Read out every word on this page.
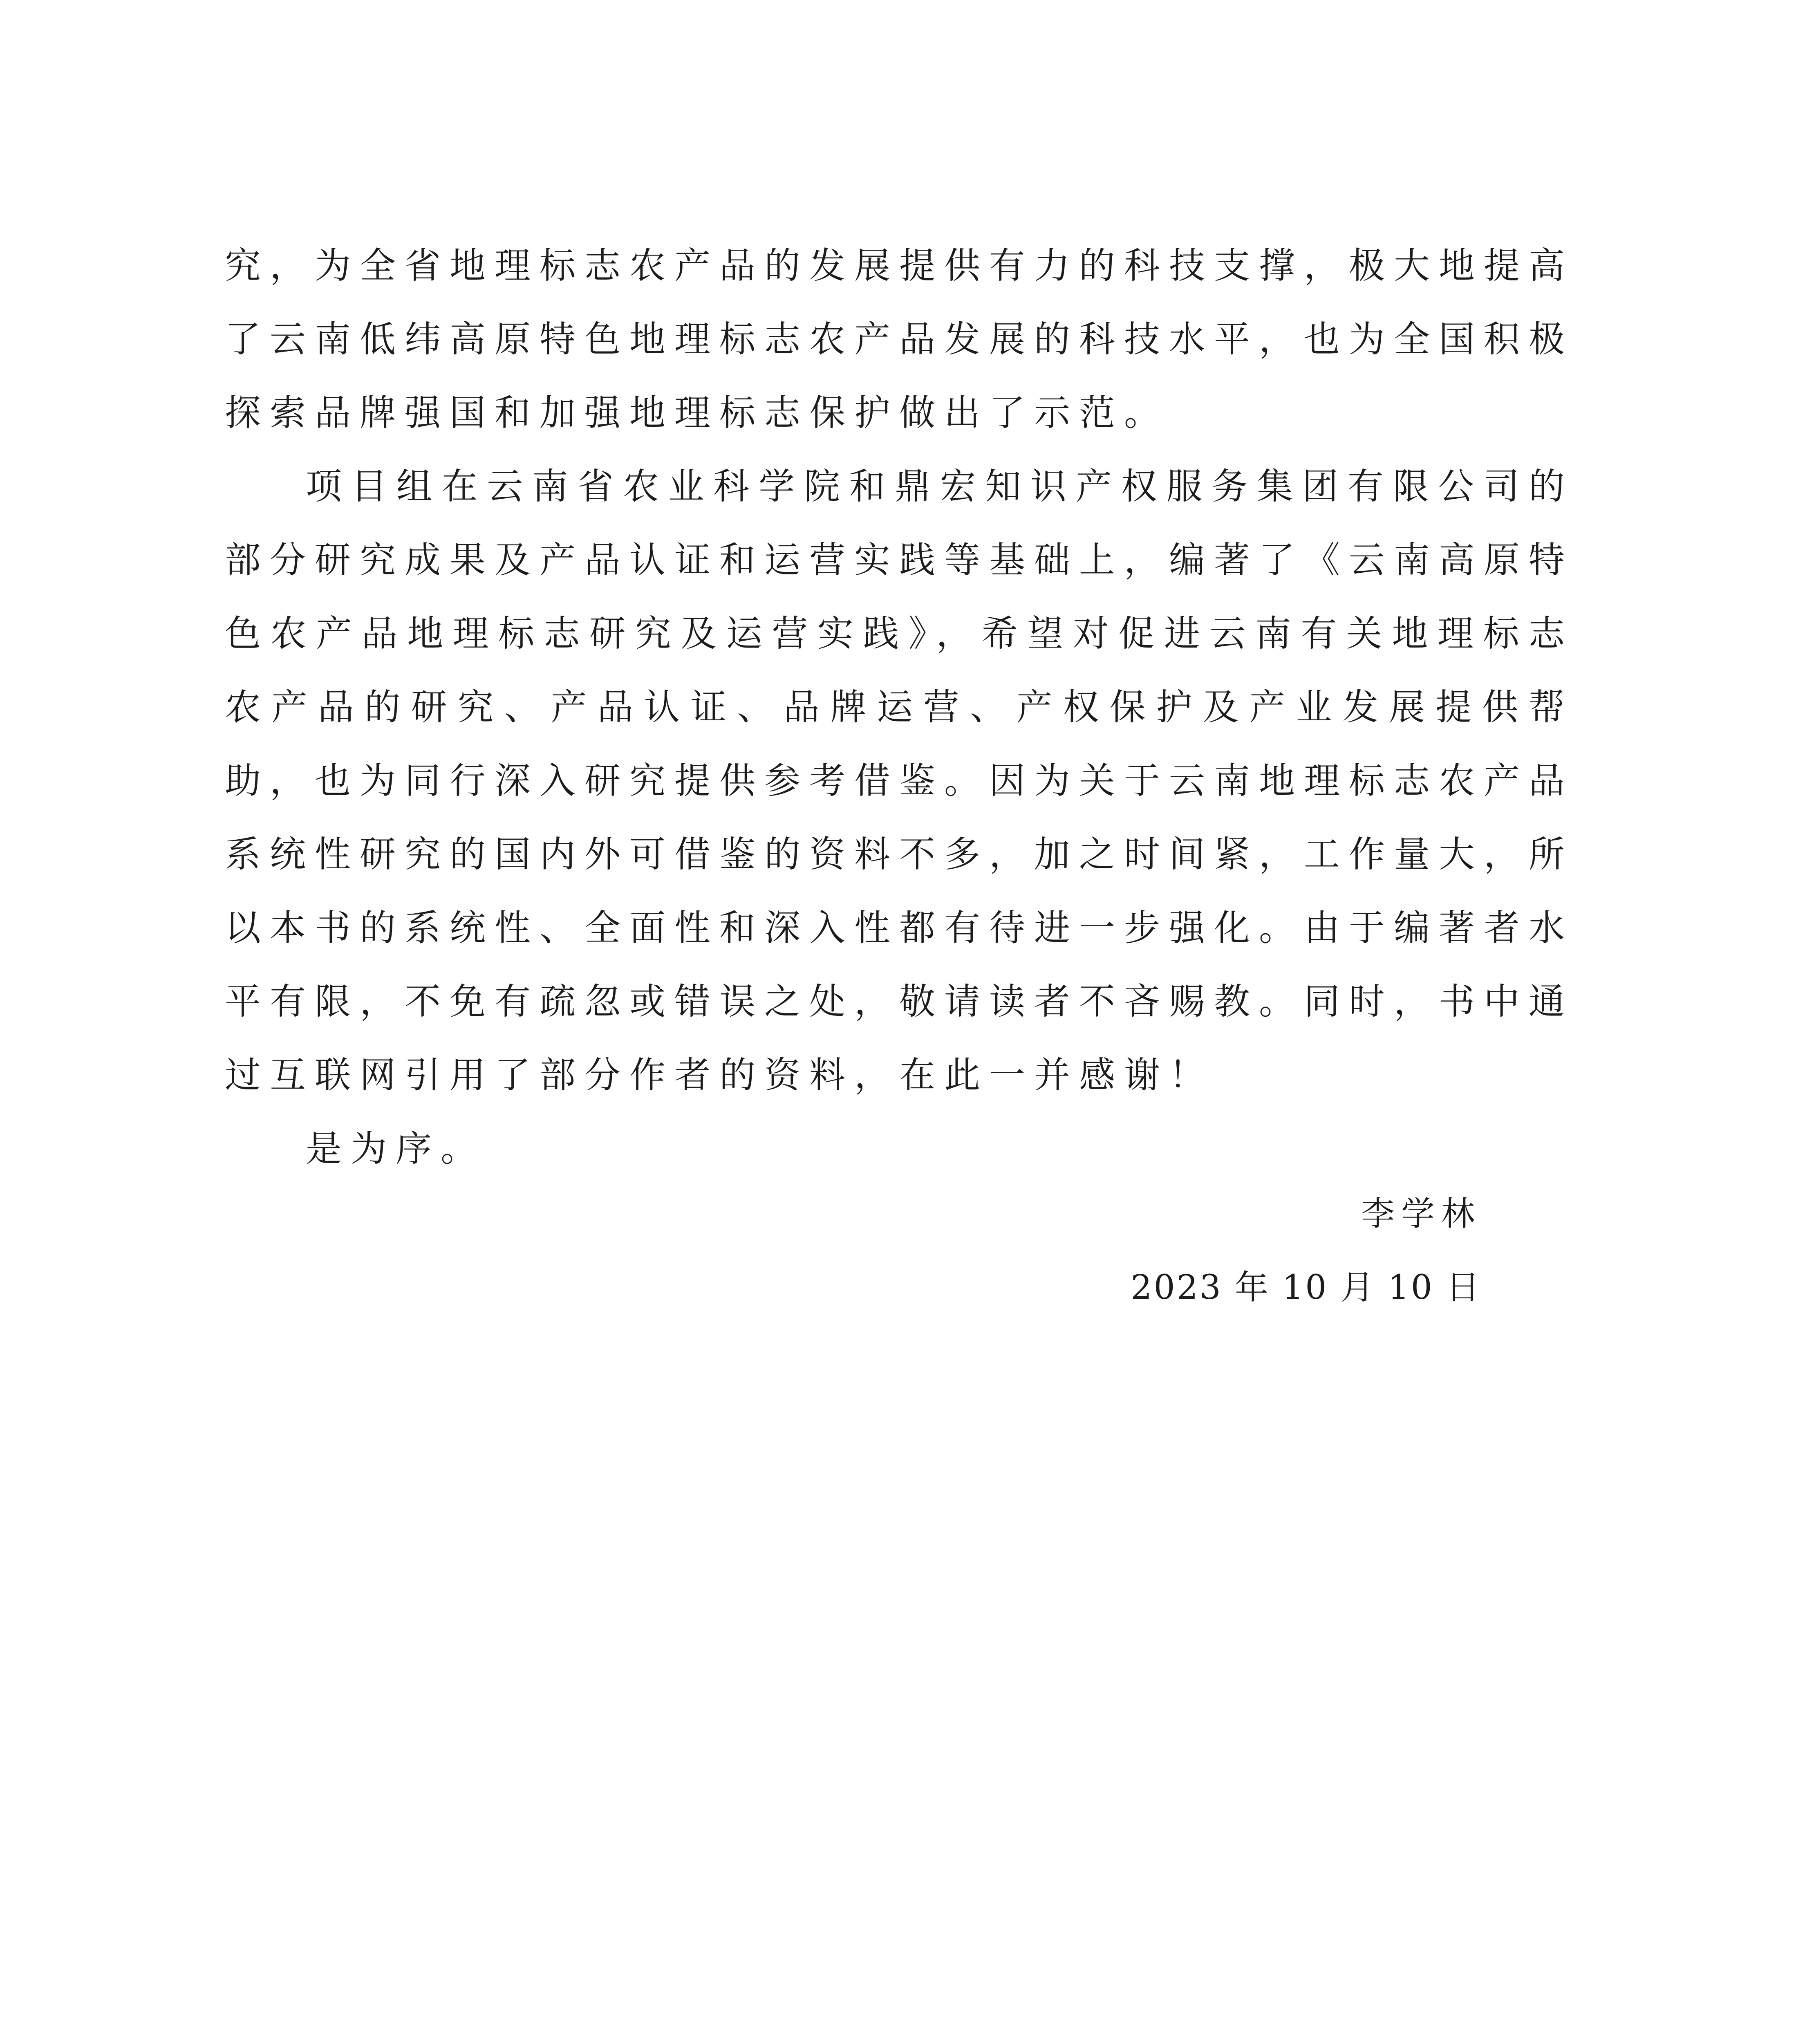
究，为全省地理标志农产品的发展提供有力的科技支撑，极大地提高了云南低纬高原特色地理标志农产品发展的科技水平，也为全国积极探索品牌强国和加强地理标志保护做出了示范。

项目组在云南省农业科学院和鼎宏知识产权服务集团有限公司的部分研究成果及产品认证和运营实践等基础上，编著了《云南高原特色农产品地理标志研究及运营实践》，希望对促进云南有关地理标志农产品的研究、产品认证、品牌运营、产权保护及产业发展提供帮助，也为同行深入研究提供参考借鉴。因为关于云南地理标志农产品系统性研究的国内外可借鉴的资料不多，加之时间紧，工作量大，所以本书的系统性、全面性和深入性都有待进一步强化。由于编著者水平有限，不免有疏忽或错误之处，敬请读者不吝赐教。同时，书中通过互联网引用了部分作者的资料，在此一并感谢！

是为序。

李学林
2023 年 10 月 10 日
